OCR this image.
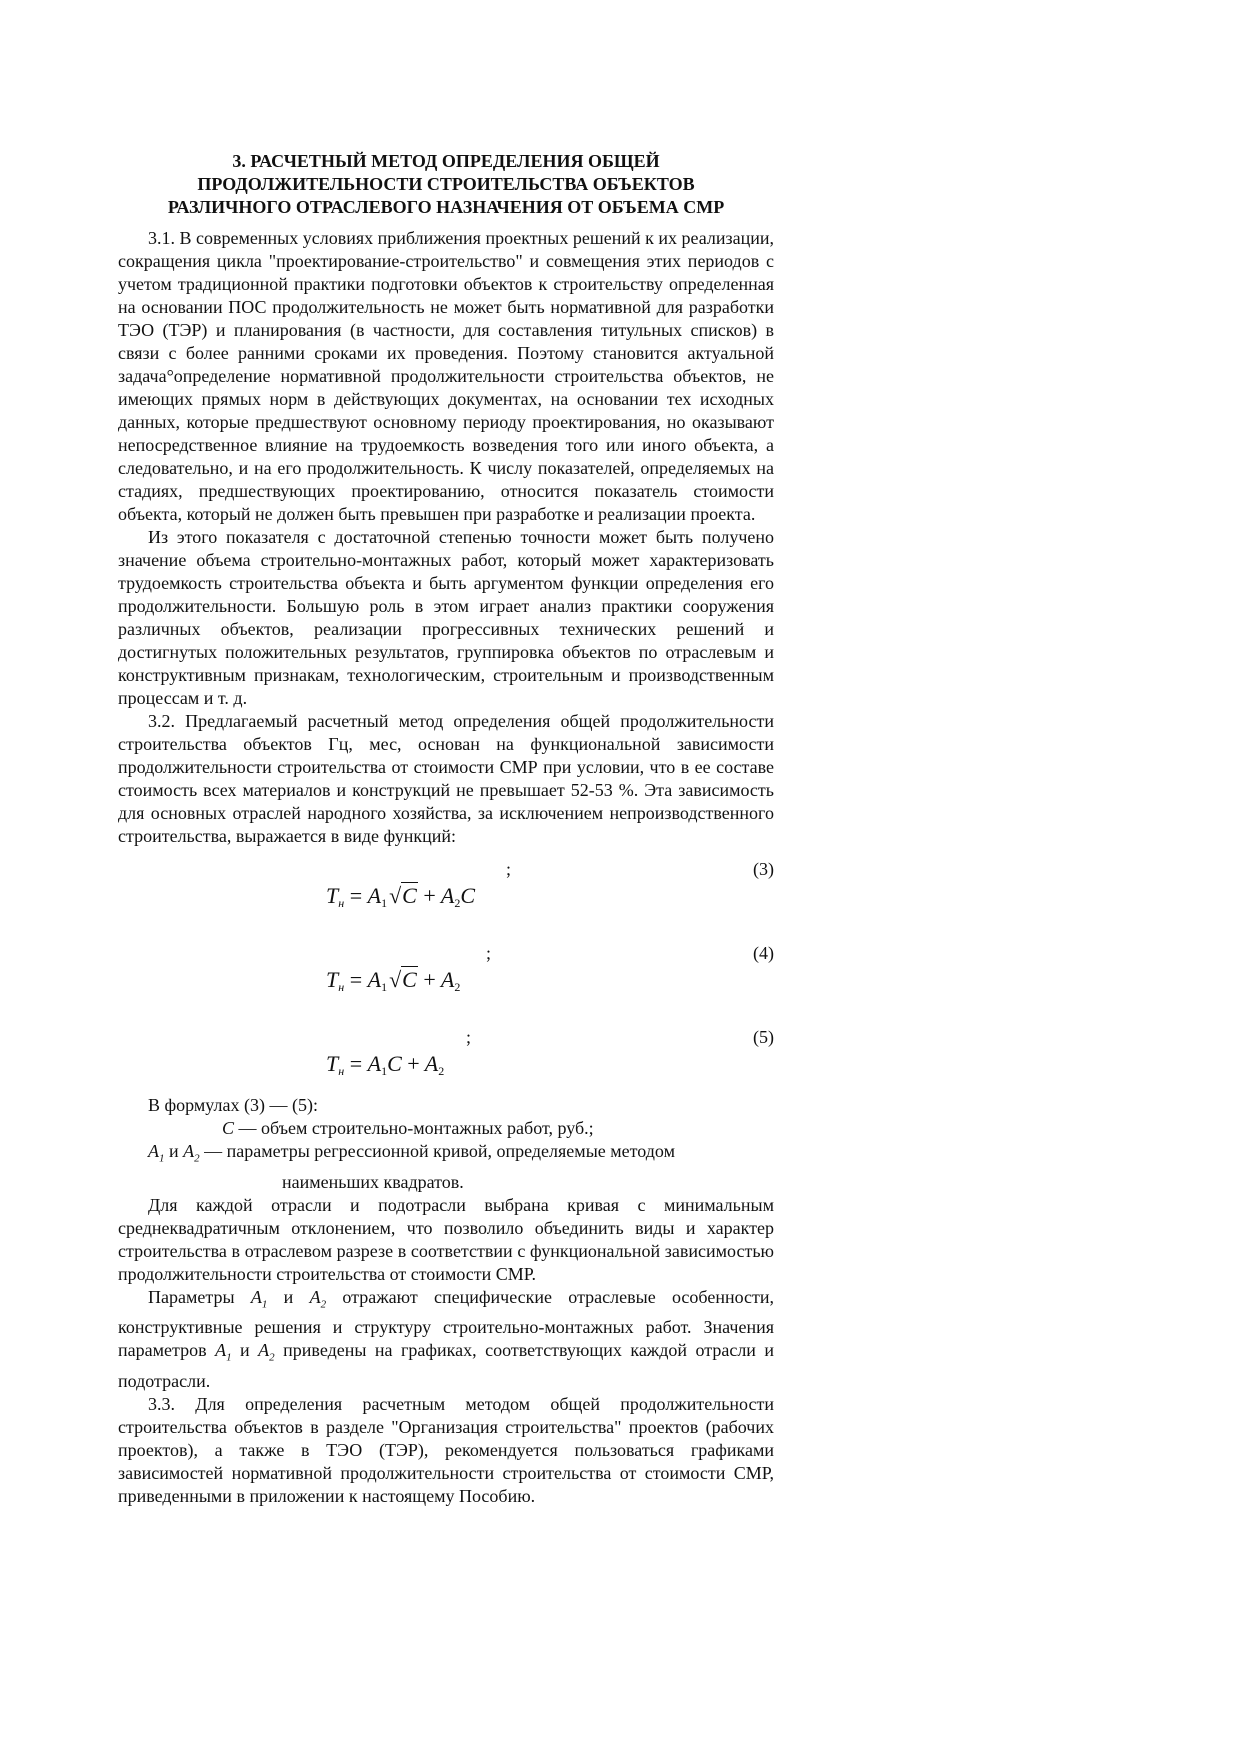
3. РАСЧЕТНЫЙ МЕТОД ОПРЕДЕЛЕНИЯ ОБЩЕЙ
ПРОДОЛЖИТЕЛЬНОСТИ СТРОИТЕЛЬСТВА ОБЪЕКТОВ
РАЗЛИЧНОГО ОТРАСЛЕВОГО НАЗНАЧЕНИЯ ОТ ОБЪЕМА СМР

3.1. В современных условиях приближения проектных решений к их реализации, сокращения цикла "проектирование-строительство" и совмещения этих периодов с учетом традиционной практики подготовки объектов к строительству определенная на основании ПОС продолжительность не может быть нормативной для разработки ТЭО (ТЭР) и планирования (в частности, для составления титульных списков) в связи с более ранними сроками их проведения. Поэтому становится актуальной задача°определение нормативной продолжительности строительства объектов, не имеющих прямых норм в действующих документах, на основании тех исходных данных, которые предшествуют основному периоду проектирования, но оказывают непосредственное влияние на трудоемкость возведения того или иного объекта, а следовательно, и на его продолжительность. К числу показателей, определяемых на стадиях, предшествующих проектированию, относится показатель стоимости объекта, который не должен быть превышен при разработке и реализации проекта.

Из этого показателя с достаточной степенью точности может быть получено значение объема строительно-монтажных работ, который может характеризовать трудоемкость строительства объекта и быть аргументом функции определения его продолжительности. Большую роль в этом играет анализ практики сооружения различных объектов, реализации прогрессивных технических решений и достигнутых положительных результатов, группировка объектов по отраслевым и конструктивным признакам, технологическим, строительным и производственным процессам и т. д.

3.2. Предлагаемый расчетный метод определения общей продолжительности строительства объектов Гц, мес, основан на функциональной зависимости продолжительности строительства от стоимости СМР при условии, что в ее составе стоимость всех материалов и конструкций не превышает 52-53 %. Эта зависимость для основных отраслей народного хозяйства, за исключением непроизводственного строительства, выражается в виде функций:

;	(3)
$T_н = A_1√C + A_2C$
;	(4)
$T_н = A_1√C + A_2$
;	(5)
$T_н = A_1C + A_2$

В формулах (3) — (5):

C — объем строительно-монтажных работ, руб.;

$A_1$ и $A_2$ — параметры регрессионной кривой, определяемые методом

наименьших квадратов.

Для каждой отрасли и подотрасли выбрана кривая с минимальным среднеквадратичным отклонением, что позволило объединить виды и характер строительства в отраслевом разрезе в соответствии с функциональной зависимостью продолжительности строительства от стоимости СМР.

Параметры $A_1$ и $A_2$ отражают специфические отраслевые особенности, конструктивные решения и структуру строительно-монтажных работ. Значения параметров $A_1$ и $A_2$ приведены на графиках, соответствующих каждой отрасли и подотрасли.

3.3. Для определения расчетным методом общей продолжительности строительства объектов в разделе "Организация строительства" проектов (рабочих проектов), а также в ТЭО (ТЭР), рекомендуется пользоваться графиками зависимостей нормативной продолжительности строительства от стоимости СМР, приведенными в приложении к настоящему Пособию.
